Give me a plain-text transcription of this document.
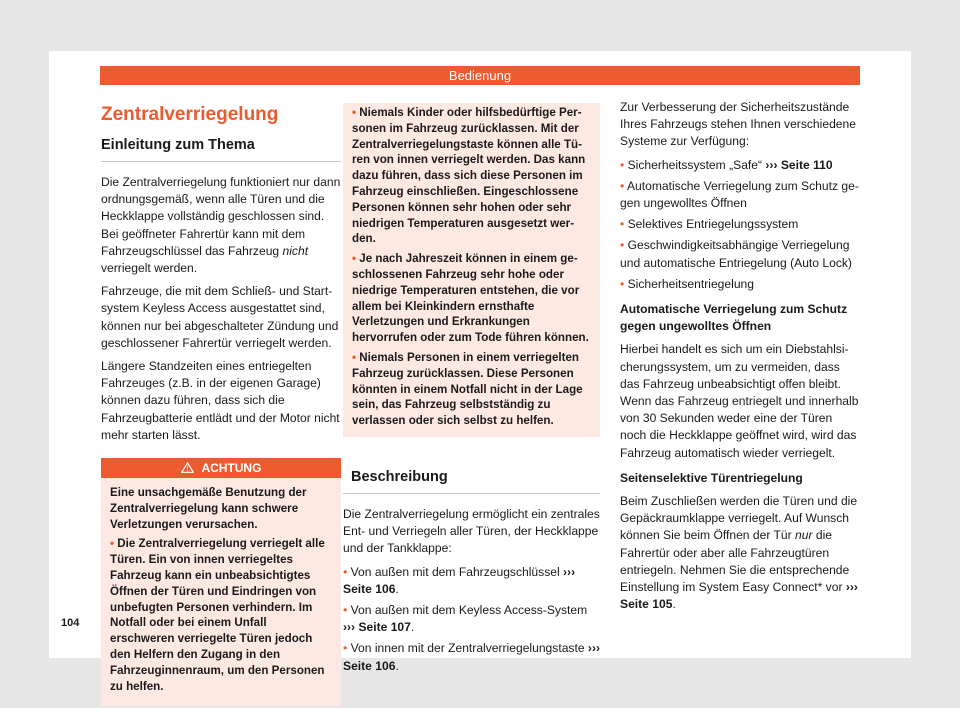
Bedienung
Zentralverriegelung
Einleitung zum Thema

Die Zentralverriegelung funktioniert nur dann ordnungsgemäß, wenn alle Türen und die Heckklappe vollständig geschlossen sind. Bei geöffneter Fahrertür kann mit dem Fahrzeugschlüssel das Fahrzeug nicht verriegelt werden.

Fahrzeuge, die mit dem Schließ- und Startsystem Keyless Access ausgestattet sind, können nur bei abgeschalteter Zündung und geschlossener Fahrertür verriegelt werden.

Längere Standzeiten eines entriegelten Fahrzeuges (z.B. in der eigenen Garage) können dazu führen, dass sich die Fahrzeugbatterie entlädt und der Motor nicht mehr starten lässt.

ACHTUNG

Eine unsachgemäße Benutzung der Zentralverriegelung kann schwere Verletzungen verursachen.

• Die Zentralverriegelung verriegelt alle Türen. Ein von innen verriegeltes Fahrzeug kann ein unbeabsichtigtes Öffnen der Türen und Eindringen von unbefugten Personen verhindern. Im Notfall oder bei einem Unfall erschweren verriegelte Türen jedoch den Helfern den Zugang in den Fahrzeuginnenraum, um den Personen zu helfen.

104

• Niemals Kinder oder hilfsbedürftige Personen im Fahrzeug zurücklassen. Mit der Zentralverriegelungstaste können alle Türen von innen verriegelt werden. Das kann dazu führen, dass sich diese Personen im Fahrzeug einschließen. Eingeschlossene Personen können sehr hohen oder sehr niedrigen Temperaturen ausgesetzt werden.

• Je nach Jahreszeit können in einem geschlossenen Fahrzeug sehr hohe oder niedrige Temperaturen entstehen, die vor allem bei Kleinkindern ernsthafte Verletzungen und Erkrankungen hervorrufen oder zum Tode führen können.

• Niemals Personen in einem verriegelten Fahrzeug zurücklassen. Diese Personen könnten in einem Notfall nicht in der Lage sein, das Fahrzeug selbstständig zu verlassen oder sich selbst zu helfen.

Beschreibung

Die Zentralverriegelung ermöglicht ein zentrales Ent- und Verriegeln aller Türen, der Heckklappe und der Tankklappe:

• Von außen mit dem Fahrzeugschlüssel ››› Seite 106.

• Von außen mit dem Keyless Access-System ››› Seite 107.

• Von innen mit der Zentralverriegelungstaste ››› Seite 106.

Zur Verbesserung der Sicherheitszustände Ihres Fahrzeugs stehen Ihnen verschiedene Systeme zur Verfügung:

• Sicherheitssystem „Safe“ ››› Seite 110

• Automatische Verriegelung zum Schutz gegen ungewolltes Öffnen

• Selektives Entriegelungssystem

• Geschwindigkeitsabhängige Verriegelung und automatische Entriegelung (Auto Lock)

• Sicherheitsentriegelung

Automatische Verriegelung zum Schutz gegen ungewolltes Öffnen

Hierbei handelt es sich um ein Diebstahlsicherungssystem, um zu vermeiden, dass das Fahrzeug unbeabsichtigt offen bleibt. Wenn das Fahrzeug entriegelt und innerhalb von 30 Sekunden weder eine der Türen noch die Heckklappe geöffnet wird, wird das Fahrzeug automatisch wieder verriegelt.

Seitenselektive Türentriegelung

Beim Zuschließen werden die Türen und die Gepäckraumklappe verriegelt. Auf Wunsch können Sie beim Öffnen der Tür nur die Fahrertür oder aber alle Fahrzeugtüren entriegeln. Nehmen Sie die entsprechende Einstellung im System Easy Connect* vor ››› Seite 105.
